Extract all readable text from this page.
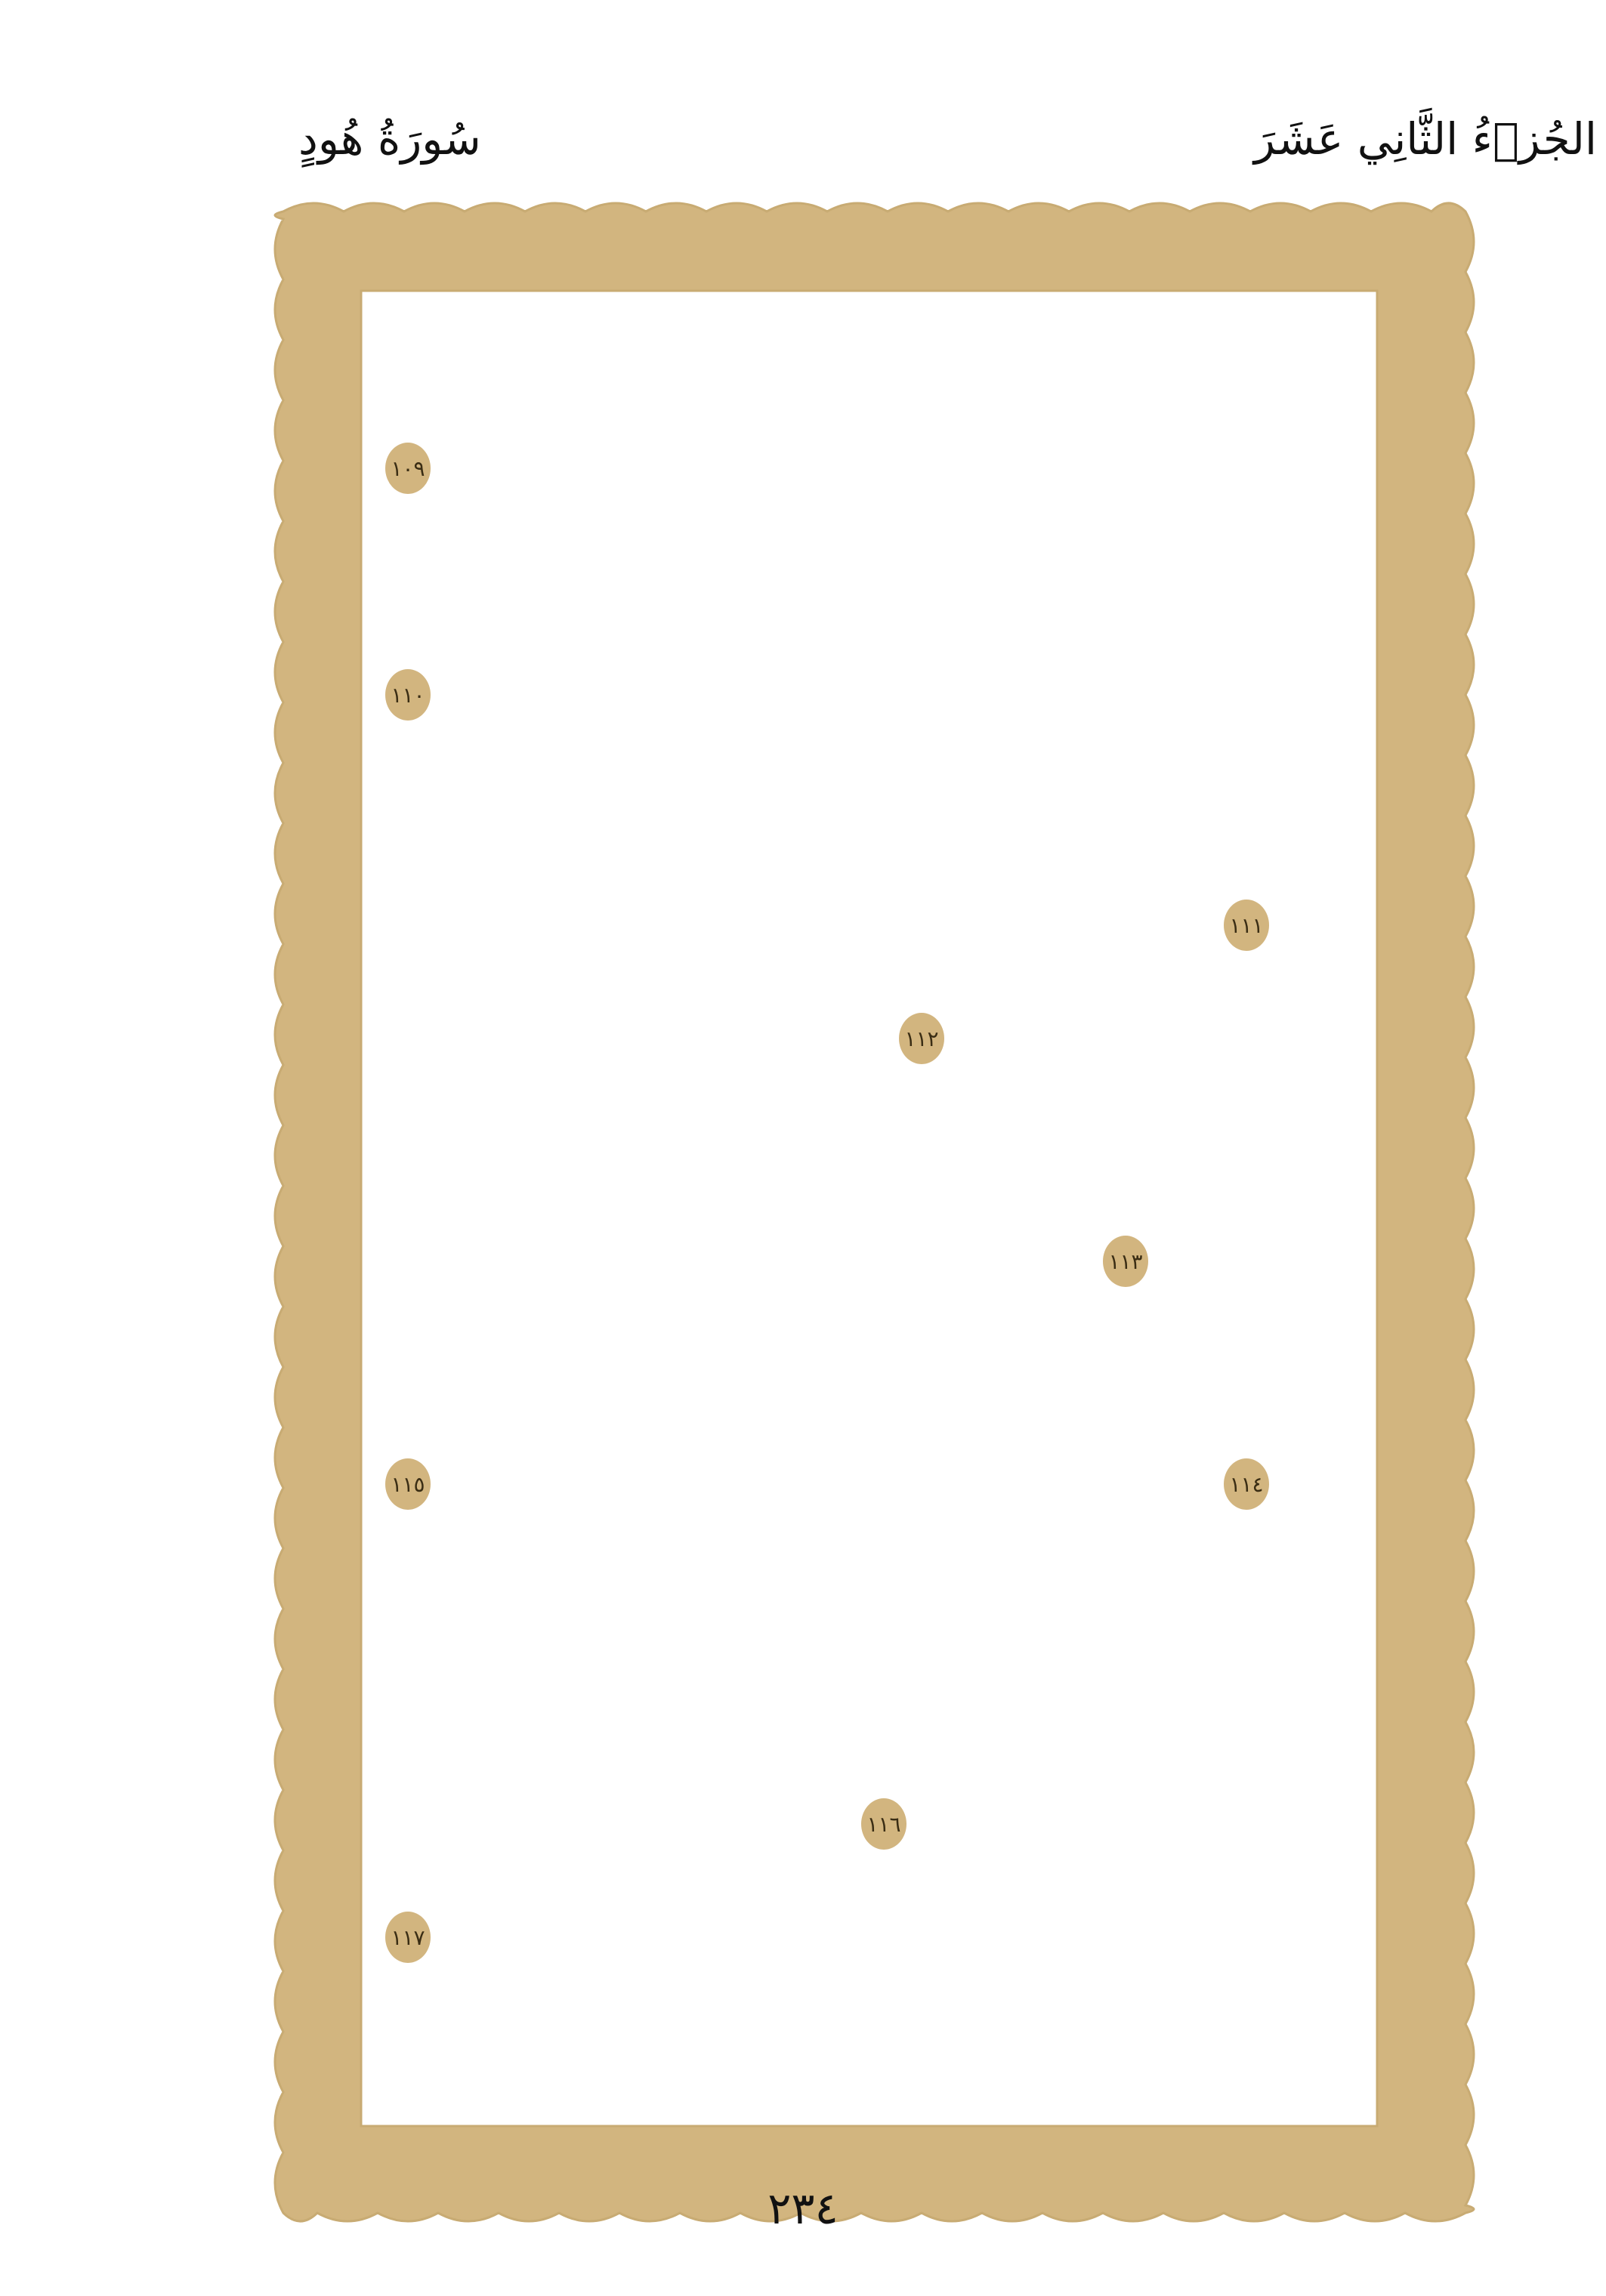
الجُزۡءُ الثَّانِي عَشَرَ
سُورَةُ هُودٍ
١٠٩
١١٠
١١١
١١٢
١١٣
١١٤
١١٥
١١٦
١١٧
٢٣٤
